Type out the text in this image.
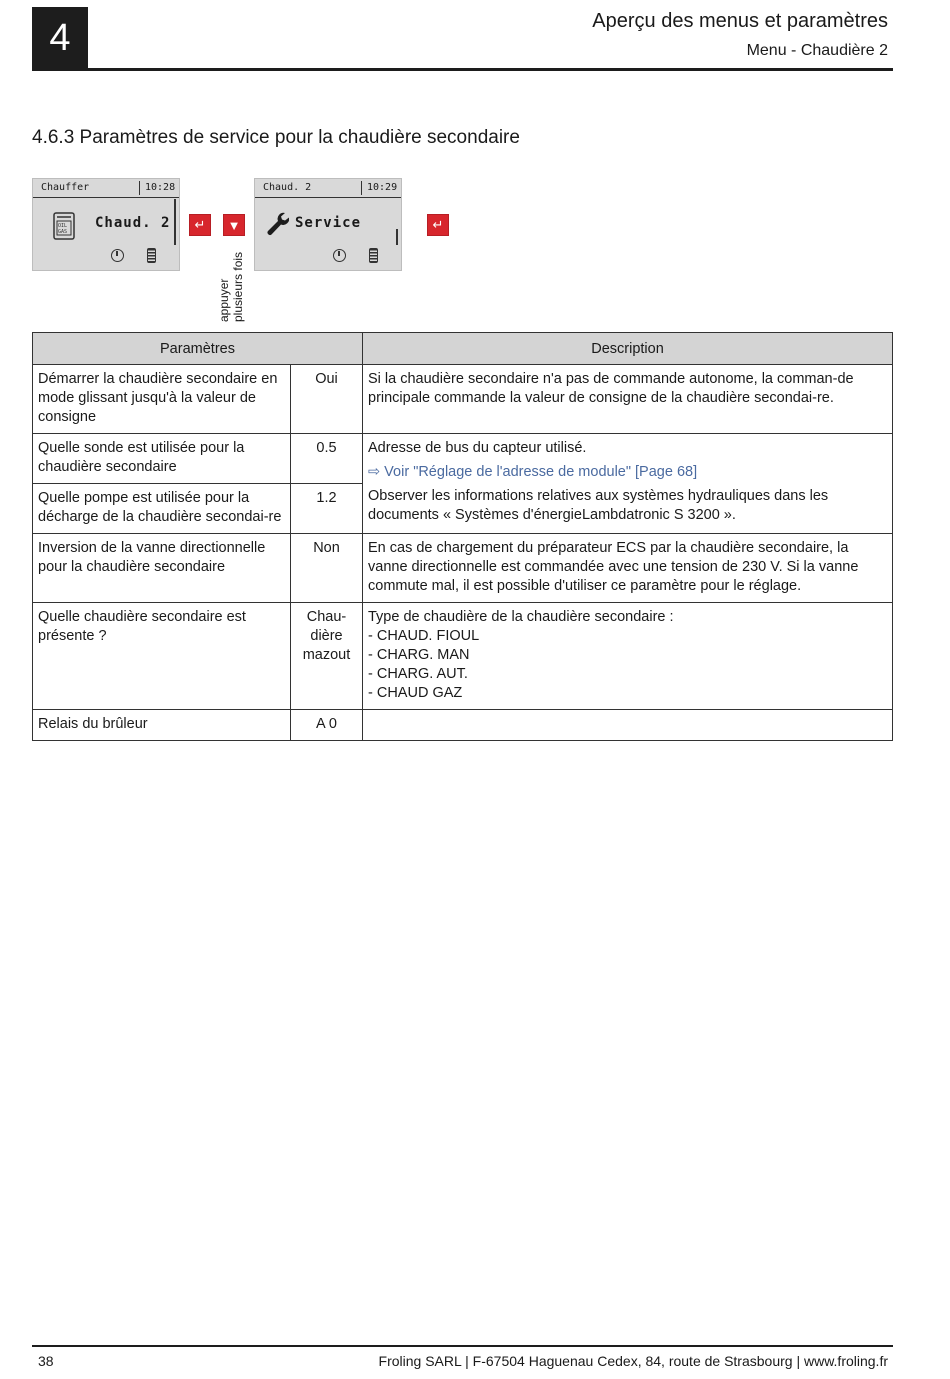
4	Aperçu des menus et paramètres
Menu - Chaudière 2
4.6.3 Paramètres de service pour la chaudière secondaire
Chauffer	10:28
OIL
GAS
Chaud. 2	↵	▼
appuyer plusieurs fois
Chaud. 2	10:29
Service	↵
Paramètres		Description
Démarrer la chaudière secondaire en mode glissant jusqu'à la valeur de consigne	Oui	Si la chaudière secondaire n'a pas de commande autonome, la comman-de principale commande la valeur de consigne de la chaudière secondai-re.
Quelle sonde est utilisée pour la chaudière secondaire	0.5	Adresse de bus du capteur utilisé.
⇨ Voir "Réglage de l'adresse de module" [Page 68]
Observer les informations relatives aux systèmes hydrauliques dans les documents « Systèmes d'énergieLambdatronic S 3200 ».

Quelle pompe est utilisée pour la décharge de la chaudière secondai-re	1.2	
Inversion de la vanne directionnelle pour la chaudière secondaire	Non	En cas de chargement du préparateur ECS par la chaudière secondaire, la vanne directionnelle est commandée avec une tension de 230 V. Si la vanne commute mal, il est possible d'utiliser ce paramètre pour le réglage.
Quelle chaudière secondaire est présente ?	Chau-dière mazout	Type de chaudière de la chaudière secondaire :
- CHAUD. FIOUL
- CHARG. MAN
- CHARG. AUT.
- CHAUD GAZ

Relais du brûleur	A 0	
38	Froling SARL | F-67504 Haguenau Cedex, 84, route de Strasbourg | www.froling.fr
